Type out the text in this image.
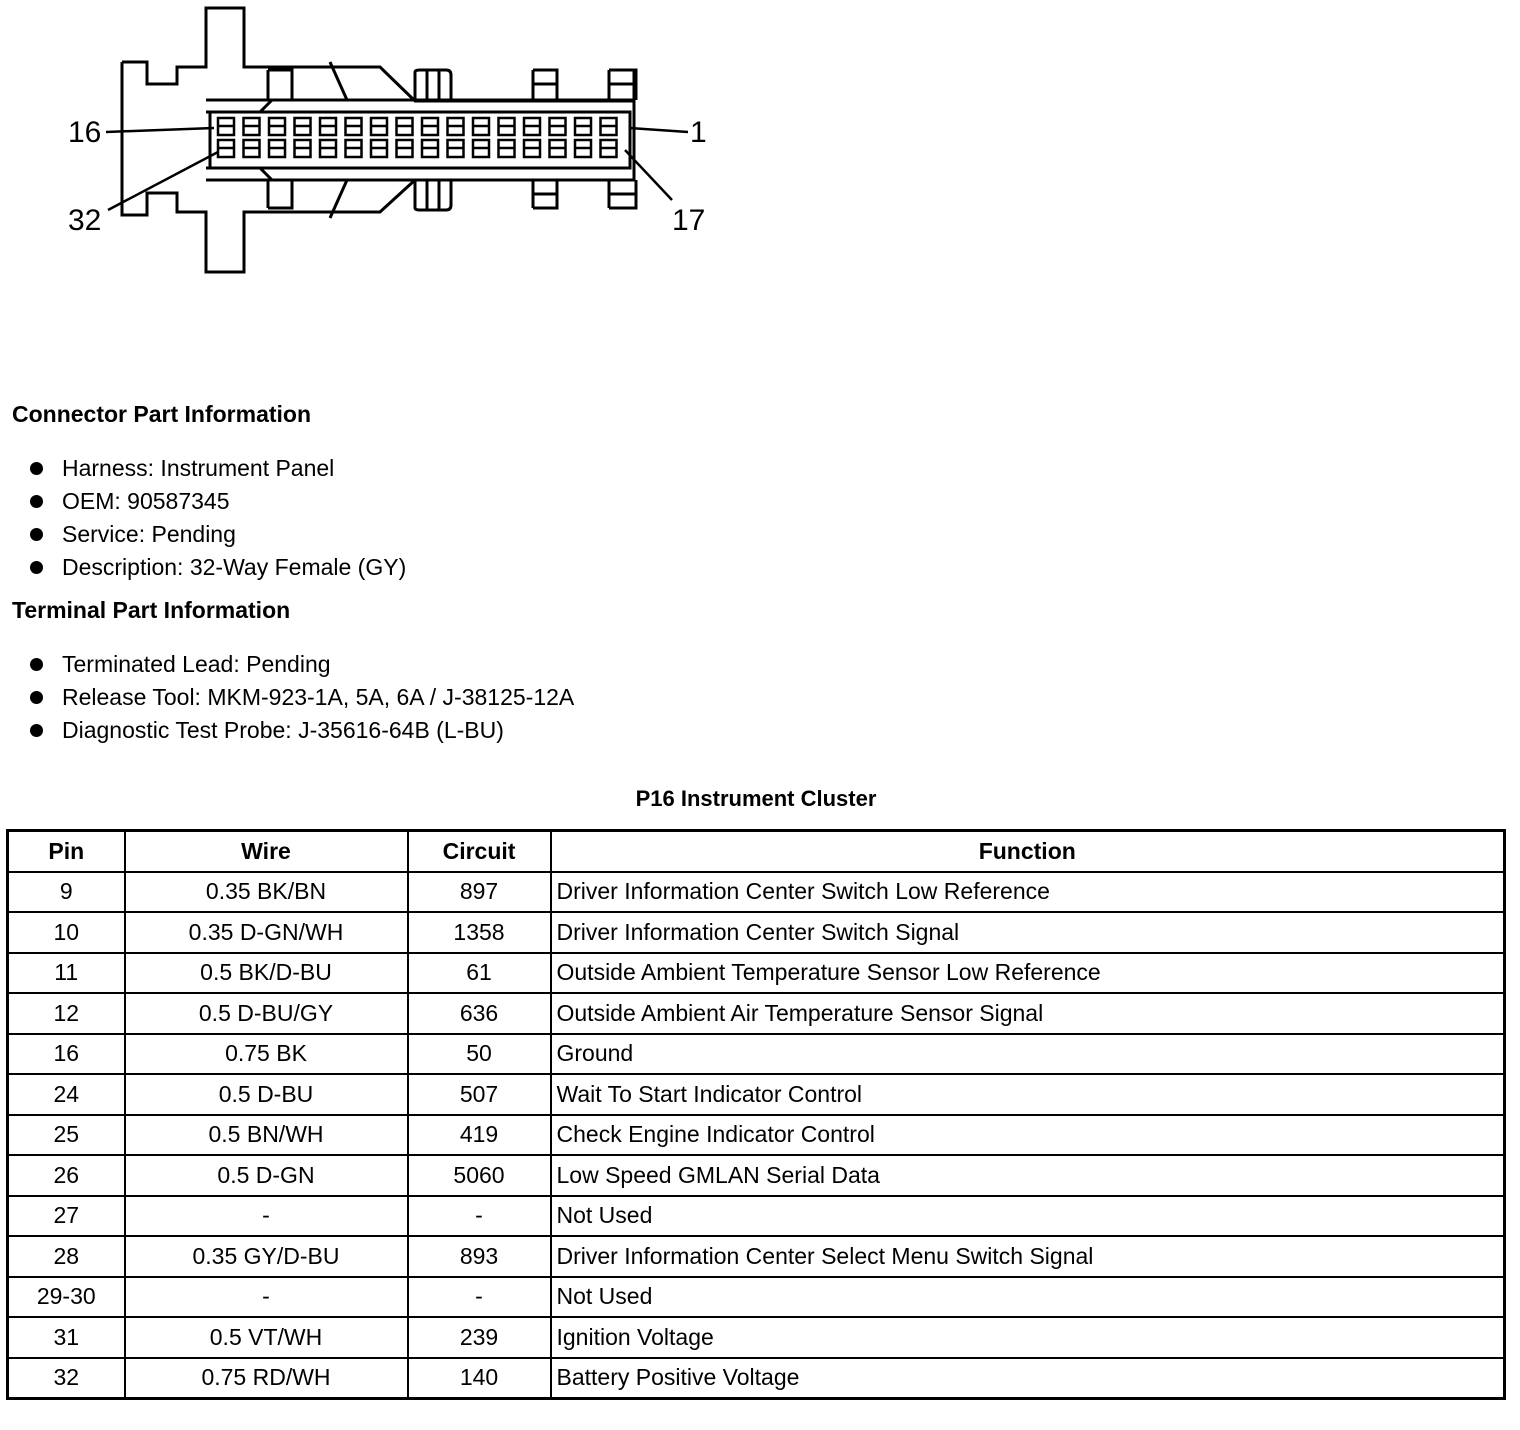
16	1
32	17
Connector Part Information
Harness: Instrument Panel
OEM: 90587345
Service: Pending
Description: 32-Way Female (GY)
Terminal Part Information
Terminated Lead: Pending
Release Tool: MKM-923-1A, 5A, 6A / J-38125-12A
Diagnostic Test Probe: J-35616-64B (L-BU)
P16 Instrument Cluster
Pin	Wire	Circuit	Function
9	0.35 BK/BN	897	Driver Information Center Switch Low Reference
10	0.35 D-GN/WH	1358	Driver Information Center Switch Signal
11	0.5 BK/D-BU	61	Outside Ambient Temperature Sensor Low Reference
12	0.5 D-BU/GY	636	Outside Ambient Air Temperature Sensor Signal
16	0.75 BK	50	Ground
24	0.5 D-BU	507	Wait To Start Indicator Control
25	0.5 BN/WH	419	Check Engine Indicator Control
26	0.5 D-GN	5060	Low Speed GMLAN Serial Data
27	-	-	Not Used
28	0.35 GY/D-BU	893	Driver Information Center Select Menu Switch Signal
29-30	-	-	Not Used
31	0.5 VT/WH	239	Ignition Voltage
32	0.75 RD/WH	140	Battery Positive Voltage
